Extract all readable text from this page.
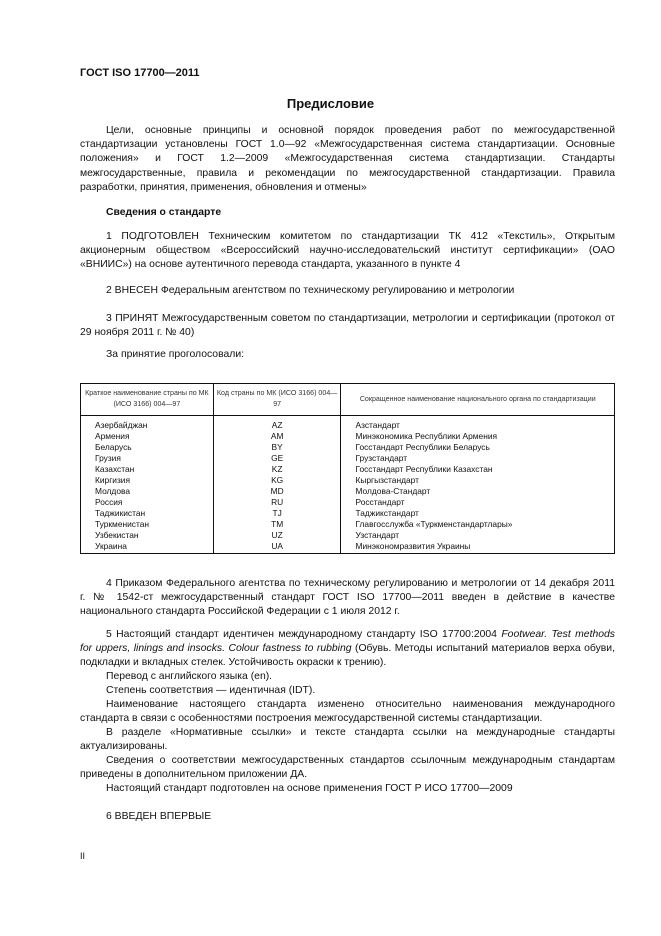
ГОСТ ISO 17700—2011
Предисловие

Цели, основные принципы и основной порядок проведения работ по межгосударственной стандартизации установлены ГОСТ 1.0—92 «Межгосударственная система стандартизации. Основные положения» и ГОСТ 1.2—2009 «Межгосударственная система стандартизации. Стандарты межгосударственные, правила и рекомендации по межгосударственной стандартизации. Правила разработки, принятия, применения, обновления и отмены»

Сведения о стандарте

1 ПОДГОТОВЛЕН Техническим комитетом по стандартизации ТК 412 «Текстиль», Открытым акционерным обществом «Всероссийский научно-исследовательский институт сертификации» (ОАО «ВНИИС») на основе аутентичного перевода стандарта, указанного в пункте 4

2 ВНЕСЕН Федеральным агентством по техническому регулированию и метрологии

3 ПРИНЯТ Межгосударственным советом по стандартизации, метрологии и сертификации (протокол от 29 ноября 2011 г. № 40)

За принятие проголосовали:
Краткое наименование страны по МК (ИСО 3166) 004—97	Код страны по МК (ИСО 3166) 004—97	Сокращенное наименование национального органа по стандартизации
Азербайджан	AZ	Азстандарт
Армения	AM	Минэкономика Республики Армения
Беларусь	BY	Госстандарт Республики Беларусь
Грузия	GE	Грузстандарт
Казахстан	KZ	Госстандарт Республики Казахстан
Киргизия	KG	Кыргызстандарт
Молдова	MD	Молдова-Стандарт
Россия	RU	Росстандарт
Таджикистан	TJ	Таджикстандарт
Туркменистан	TM	Главгосслужба «Туркменстандартлары»
Узбекистан	UZ	Узстандарт
Украина	UA	Минэкономразвития Украины

4 Приказом Федерального агентства по техническому регулированию и метрологии от 14 декабря 2011 г. № 1542-ст межгосударственный стандарт ГОСТ ISO 17700—2011 введен в действие в качестве национального стандарта Российской Федерации с 1 июля 2012 г.

5 Настоящий стандарт идентичен международному стандарту ISO 17700:2004 Footwear. Test methods for uppers, linings and insocks. Colour fastness to rubbing (Обувь. Методы испытаний материалов верха обуви, подкладки и вкладных стелек. Устойчивость окраски к трению).

Перевод с английского языка (en).

Степень соответствия — идентичная (IDT).

Наименование настоящего стандарта изменено относительно наименования международного стандарта в связи с особенностями построения межгосударственной системы стандартизации.

В разделе «Нормативные ссылки» и тексте стандарта ссылки на международные стандарты актуализированы.

Сведения о соответствии межгосударственных стандартов ссылочным международным стандартам приведены в дополнительном приложении ДА.

Настоящий стандарт подготовлен на основе применения ГОСТ Р ИСО 17700—2009

6 ВВЕДЕН ВПЕРВЫЕ

II
